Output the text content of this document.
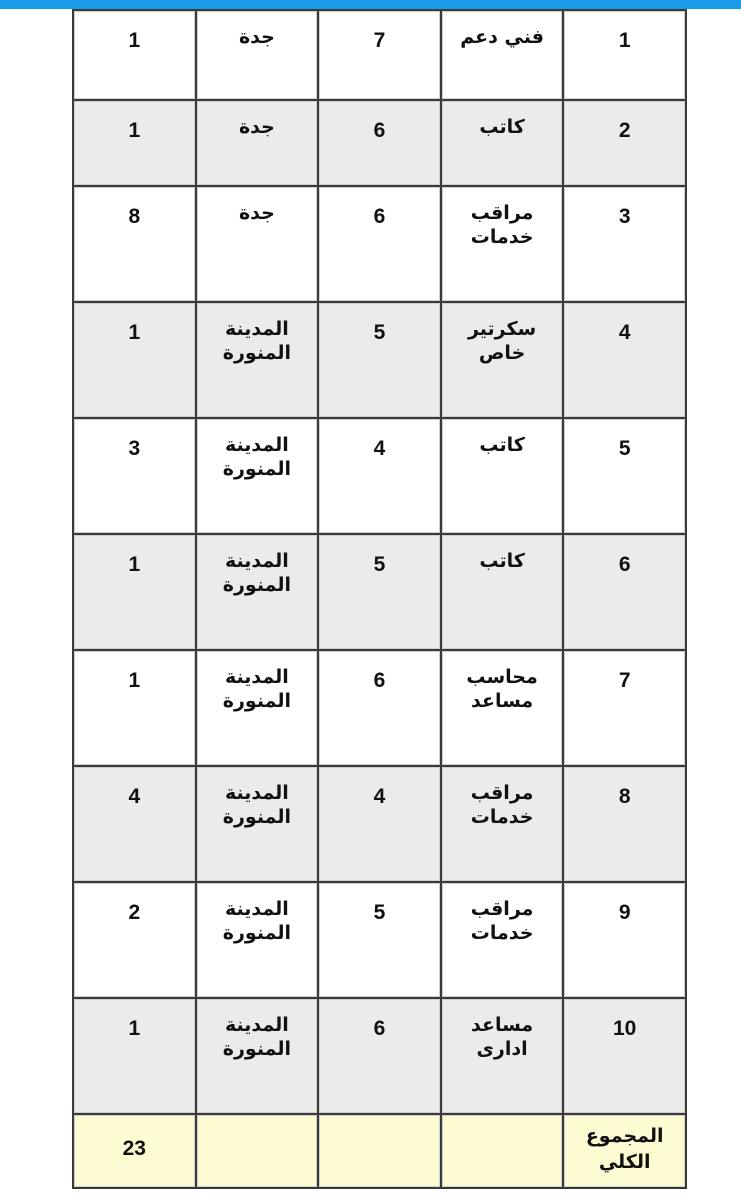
1	جدة	7	فني دعم	1

1	جدة	6	كاتب	2

8	جدة	6	مراقب
خدمات	3

1	المدينة
المنورة	5	سكرتير
خاص	4

3	المدينة
المنورة	4	كاتب	5

1	المدينة
المنورة	5	كاتب	6

1	المدينة
المنورة	6	محاسب
مساعد	7

4	المدينة
المنورة	4	مراقب
خدمات	8

2	المدينة
المنورة	5	مراقب
خدمات	9

1	المدينة
المنورة	6	مساعد
ادارى	10

23				المجموع
الكلي
